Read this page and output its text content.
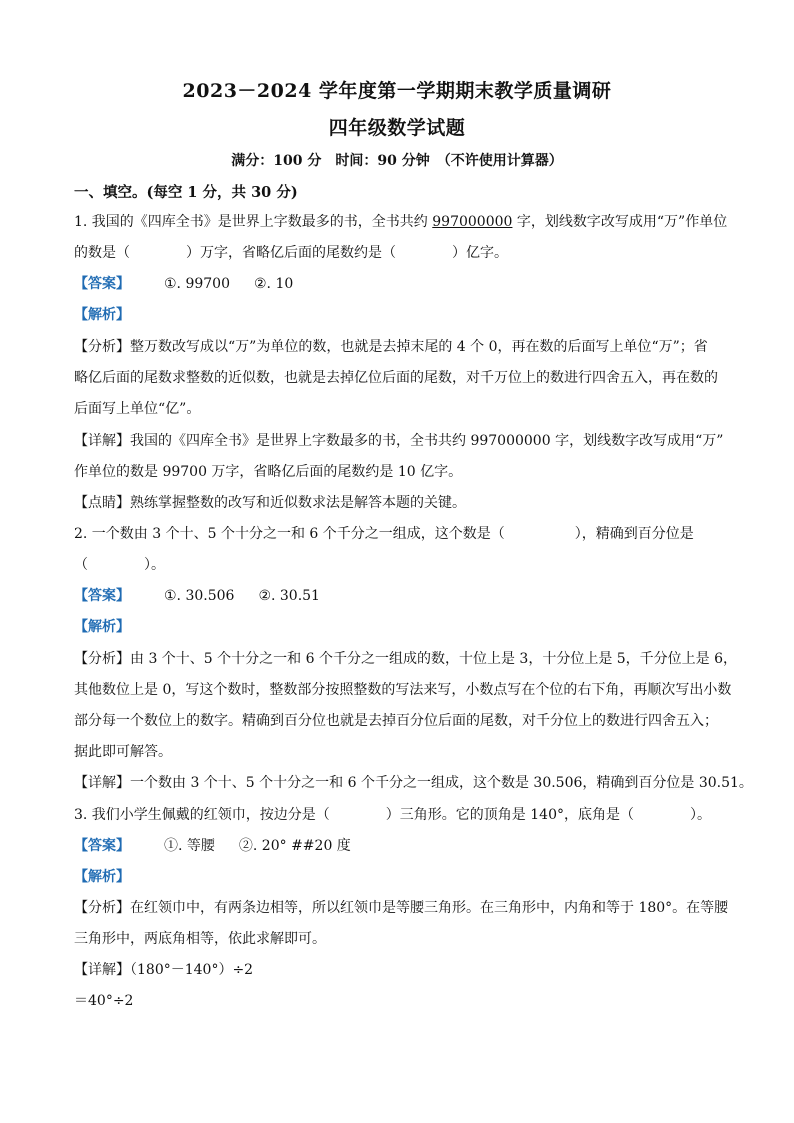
2023－2024 学年度第一学期期末教学质量调研
四年级数学试题
满分：100 分　时间：90 分钟　（不许使用计算器）
一、填空。(每空 1 分，共 30 分)
1. 我国的《四库全书》是世界上字数最多的书，全书共约 997000000 字，划线数字改写成用“万”作单位
的数是（　　　　）万字，省略亿后面的尾数约是（　　　　）亿字。
【答案】 ①. 99700 ②. 10
【解析】
【分析】整万数改写成以“万”为单位的数，也就是去掉末尾的 4 个 0，再在数的后面写上单位“万”；省
略亿后面的尾数求整数的近似数，也就是去掉亿位后面的尾数，对千万位上的数进行四舍五入，再在数的
后面写上单位“亿”。
【详解】我国的《四库全书》是世界上字数最多的书，全书共约 997000000 字，划线数字改写成用“万”
作单位的数是 99700 万字，省略亿后面的尾数约是 10 亿字。
【点睛】熟练掌握整数的改写和近似数求法是解答本题的关键。
2. 一个数由 3 个十、5 个十分之一和 6 个千分之一组成，这个数是（　　　　　），精确到百分位是
（　　　　）。
【答案】 ①. 30.506 ②. 30.51
【解析】
【分析】由 3 个十、5 个十分之一和 6 个千分之一组成的数，十位上是 3，十分位上是 5，千分位上是 6，
其他数位上是 0，写这个数时，整数部分按照整数的写法来写，小数点写在个位的右下角，再顺次写出小数
部分每一个数位上的数字。精确到百分位也就是去掉百分位后面的尾数，对千分位上的数进行四舍五入；
据此即可解答。
【详解】一个数由 3 个十、5 个十分之一和 6 个千分之一组成，这个数是 30.506，精确到百分位是 30.51。
3. 我们小学生佩戴的红领巾，按边分是（　　　　）三角形。它的顶角是 140°，底角是（　　　　）。
【答案】 ①. 等腰 ②. 20° ##20 度
【解析】
【分析】在红领巾中，有两条边相等，所以红领巾是等腰三角形。在三角形中，内角和等于 180°。在等腰
三角形中，两底角相等，依此求解即可。
【详解】（180°－140°）÷2
＝40°÷2
